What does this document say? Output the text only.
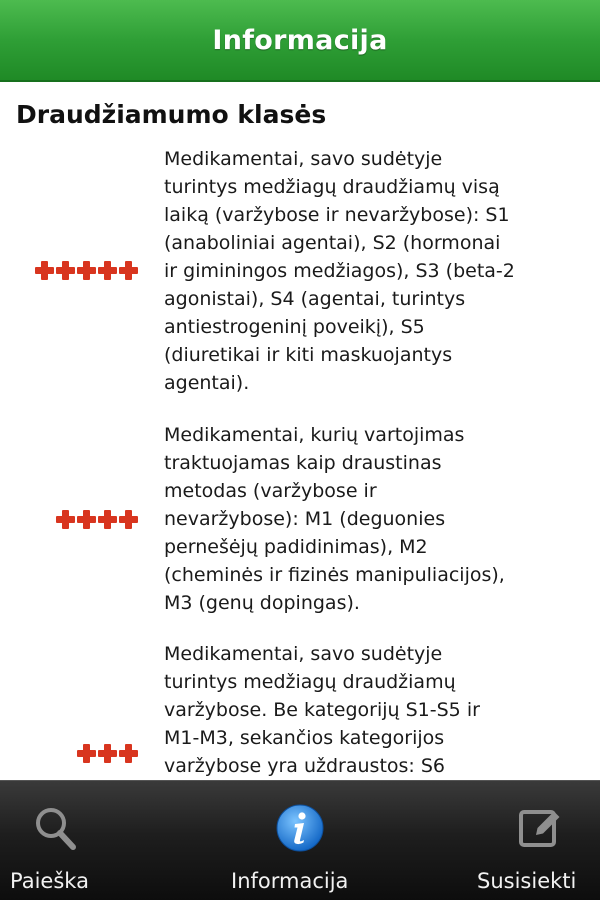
Informacija
Draudžiamumo klasės

Medikamentai, savo sudėtyje
turintys medžiagų draudžiamų visą
laiką (varžybose ir nevaržybose): S1
(anaboliniai agentai), S2 (hormonai
ir giminingos medžiagos), S3 (beta-2
agonistai), S4 (agentai, turintys
antiestrogeninį poveikį), S5
(diuretikai ir kiti maskuojantys
agentai).

Medikamentai, kurių vartojimas
traktuojamas kaip draustinas
metodas (varžybose ir
nevaržybose): M1 (deguonies
pernešėjų padidinimas), M2
(cheminės ir fizinės manipuliacijos),
M3 (genų dopingas).

Medikamentai, savo sudėtyje
turintys medžiagų draudžiamų
varžybose. Be kategorijų S1-S5 ir
M1-M3, sekančios kategorijos
varžybose yra uždraustos: S6

Paieška	Informacija	Susisiekti
